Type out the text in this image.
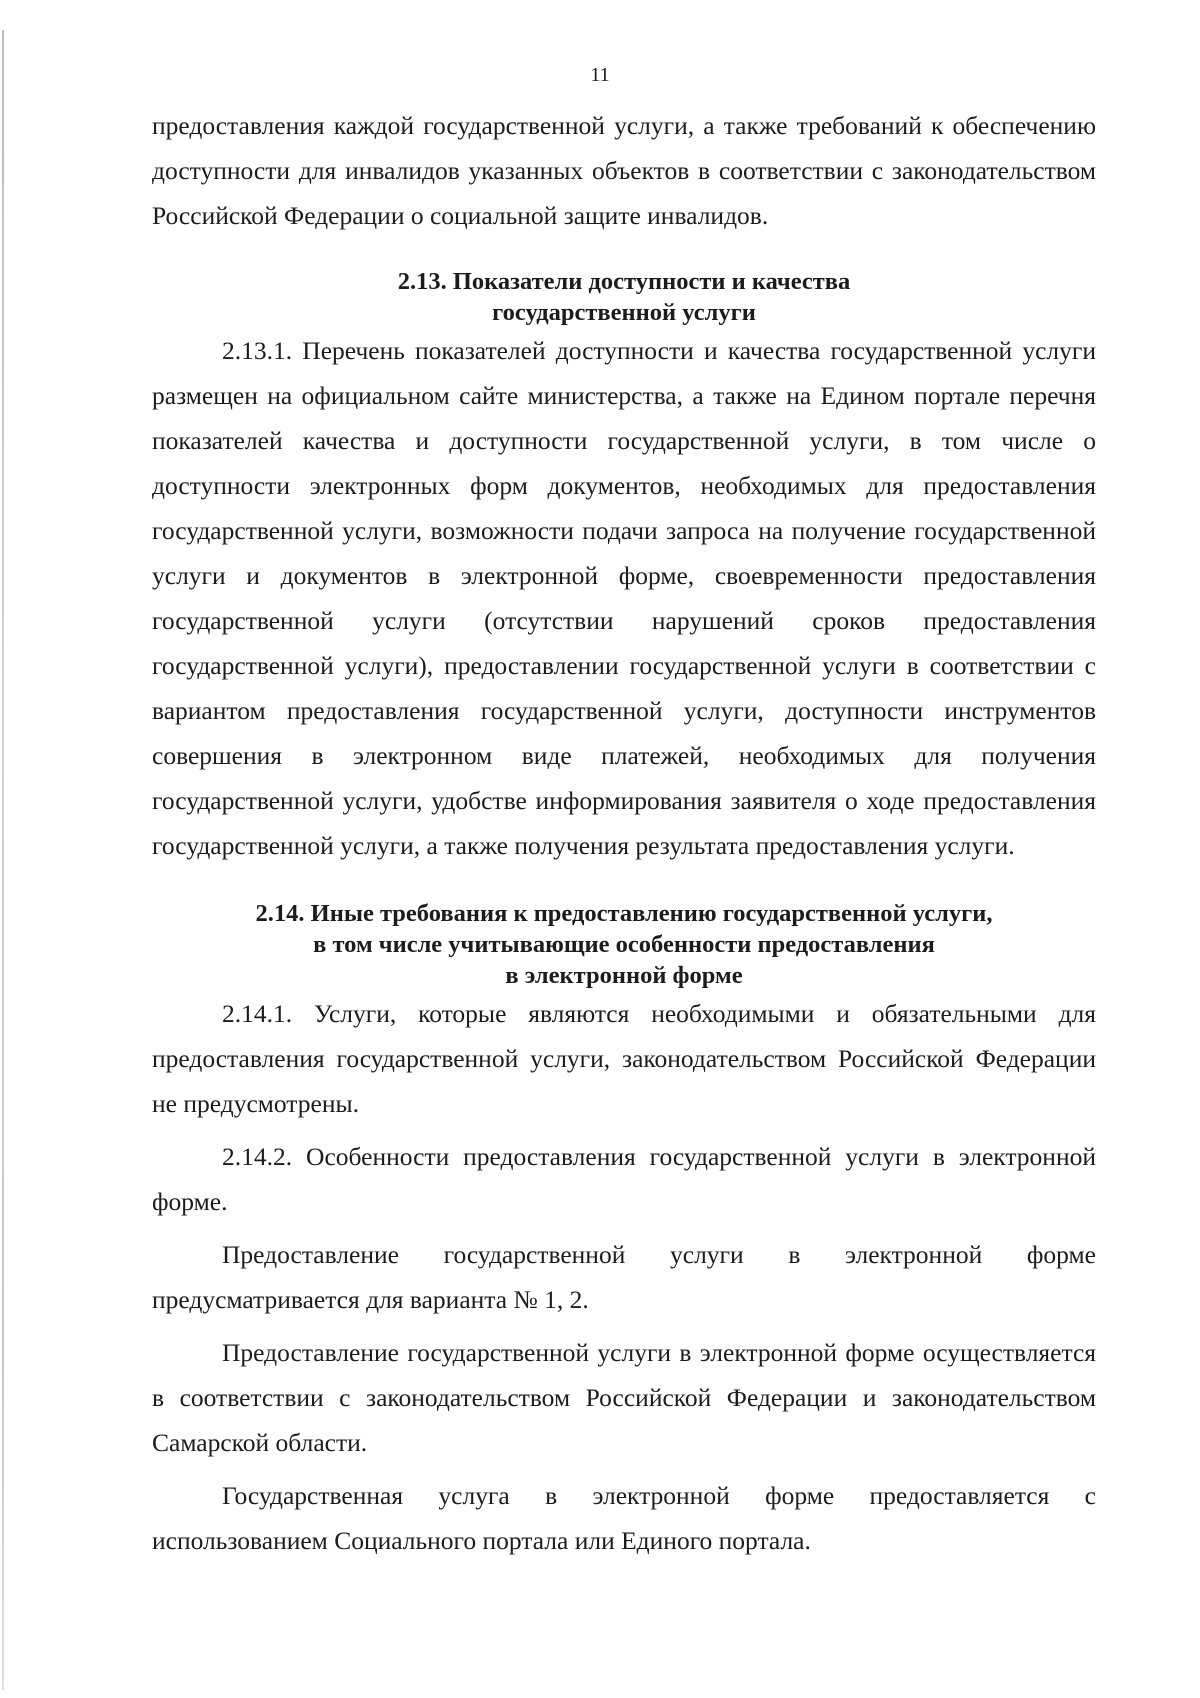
11

предоставления каждой государственной услуги, а также требований к обеспечению доступности для инвалидов указанных объектов в соответствии с законодательством Российской Федерации о социальной защите инвалидов.

2.13. Показатели доступности и качества
государственной услуги

2.13.1. Перечень показателей доступности и качества государственной услуги размещен на официальном сайте министерства, а также на Едином портале перечня показателей качества и доступности государственной услуги, в том числе о доступности электронных форм документов, необходимых для предоставления государственной услуги, возможности подачи запроса на получение государственной услуги и документов в электронной форме, своевременности предоставления государственной услуги (отсутствии нарушений сроков предоставления государственной услуги), предоставлении государственной услуги в соответствии с вариантом предоставления государственной услуги, доступности инструментов совершения в электронном виде платежей, необходимых для получения государственной услуги, удобстве информирования заявителя о ходе предоставления государственной услуги, а также получения результата предоставления услуги.

2.14. Иные требования к предоставлению государственной услуги,
в том числе учитывающие особенности предоставления
в электронной форме

2.14.1. Услуги, которые являются необходимыми и обязательными для предоставления государственной услуги, законодательством Российской Федерации не предусмотрены.

2.14.2. Особенности предоставления государственной услуги в электронной форме.

Предоставление государственной услуги в электронной форме предусматривается для варианта № 1, 2.

Предоставление государственной услуги в электронной форме осуществляется в соответствии с законодательством Российской Федерации и законодательством Самарской области.

Государственная услуга в электронной форме предоставляется с использованием Социального портала или Единого портала.
